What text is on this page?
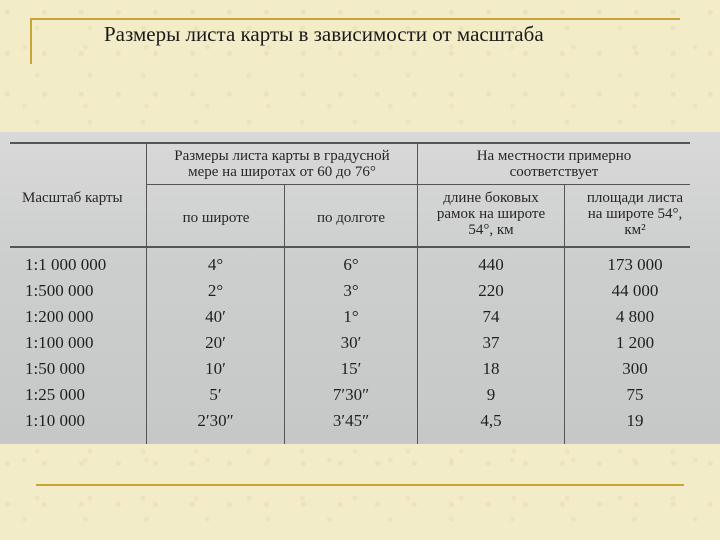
Размеры листа карты в зависимости от масштаба
Масштаб карты
Размеры листа карты в градусной
мере на широтах от 60 до 76°
по широте	по долготе
На местности примерно
соответствует
длине боковых
рамок на широте
54°, км
площади листа
на широте 54°,
км²
1:1 000 000	4°	6°	440	173 000
1:500 000	2°	3°	220	44 000
1:200 000	40′	1°	74	4 800
1:100 000	20′	30′	37	1 200
1:50 000	10′	15′	18	300
1:25 000	5′	7′30″	9	75
1:10 000	2′30″	3′45″	4,5	19
